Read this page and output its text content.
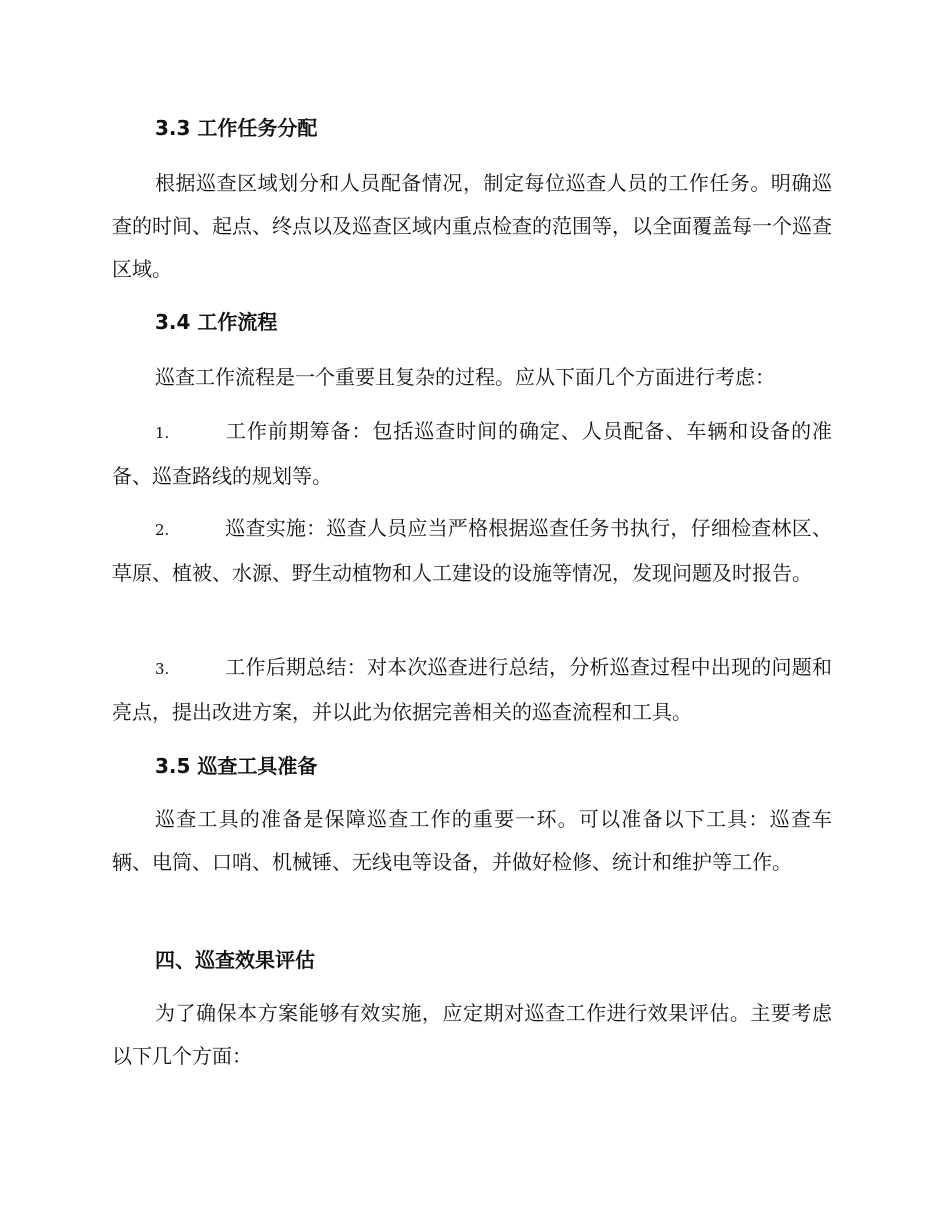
3.3 工作任务分配

根据巡查区域划分和人员配备情况，制定每位巡查人员的工作任务。明确巡查的时间、起点、终点以及巡查区域内重点检查的范围等，以全面覆盖每一个巡查区域。

3.4 工作流程

巡查工作流程是一个重要且复杂的过程。应从下面几个方面进行考虑：

1.	工作前期筹备：包括巡查时间的确定、人员配备、车辆和设备的准备、巡查路线的规划等。

2.	巡查实施：巡查人员应当严格根据巡查任务书执行，仔细检查林区、草原、植被、水源、野生动植物和人工建设的设施等情况，发现问题及时报告。

3.	工作后期总结：对本次巡查进行总结，分析巡查过程中出现的问题和亮点，提出改进方案，并以此为依据完善相关的巡查流程和工具。

3.5 巡查工具准备

巡查工具的准备是保障巡查工作的重要一环。可以准备以下工具：巡查车辆、电筒、口哨、机械锤、无线电等设备，并做好检修、统计和维护等工作。

四、巡查效果评估

为了确保本方案能够有效实施，应定期对巡查工作进行效果评估。主要考虑以下几个方面：
